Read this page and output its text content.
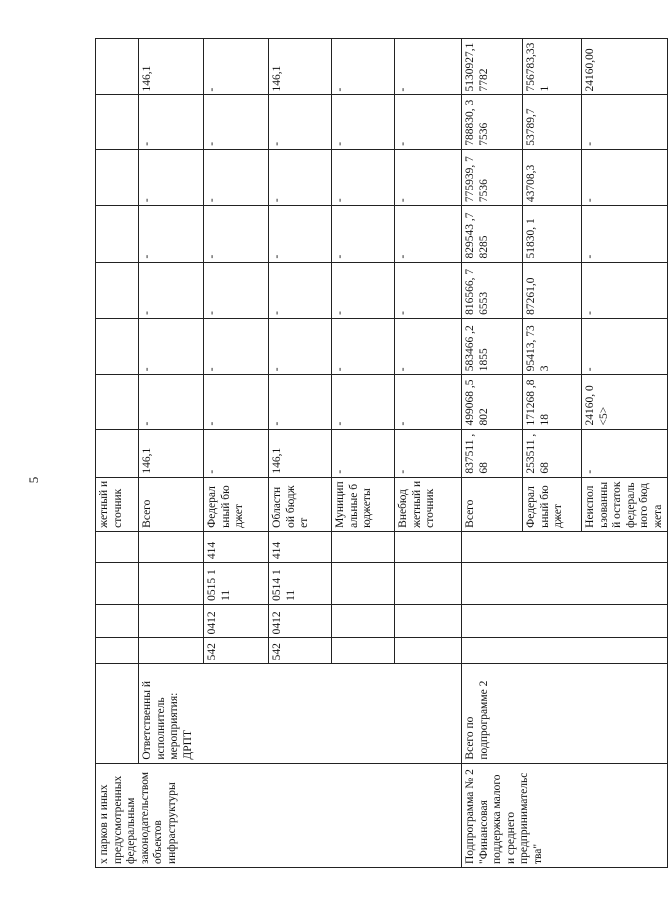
5
х парков и иных предусмотренных федеральным законодательством объектов инфраструктуры						жетный источник								
	Ответственны й исполнитель мероприятия: ДРПТ					Всего	146,1	-	-	-	-	-	-	146,1
		542	0412	0515 111	414	Федерал ьный бюджет	-	-	-	-	-	-	-	-
		542	0412	0514 111	414	Областн ой бюджет	146,1	-	-	-	-	-	-	146,1
						Муницип альные бюджеты	-	-	-	-	-	-	-	-
						Внебюд жетный источник	-	-	-	-	-	-	-	-
Подпрограмма № 2 "Финансовая поддержка малого и среднего предпринимательс тва"	Всего по подпрограмме 2					Всего	837511 ,68	499068 ,5802	583466 ,21855	816566, 76553	829543 ,78285	775939, 77536	788830, 37536	5130927,1 7782
						Федерал ьный бюджет	253511 ,68	171268 ,818	95413, 733	87261,0	51830, 1	43708,3	53789,7	756783,33 1
						Неиспол ьзованны й остаток федераль ного бюджета	-	24160, 0 <5>	-	-	-	-	-	24160,00
